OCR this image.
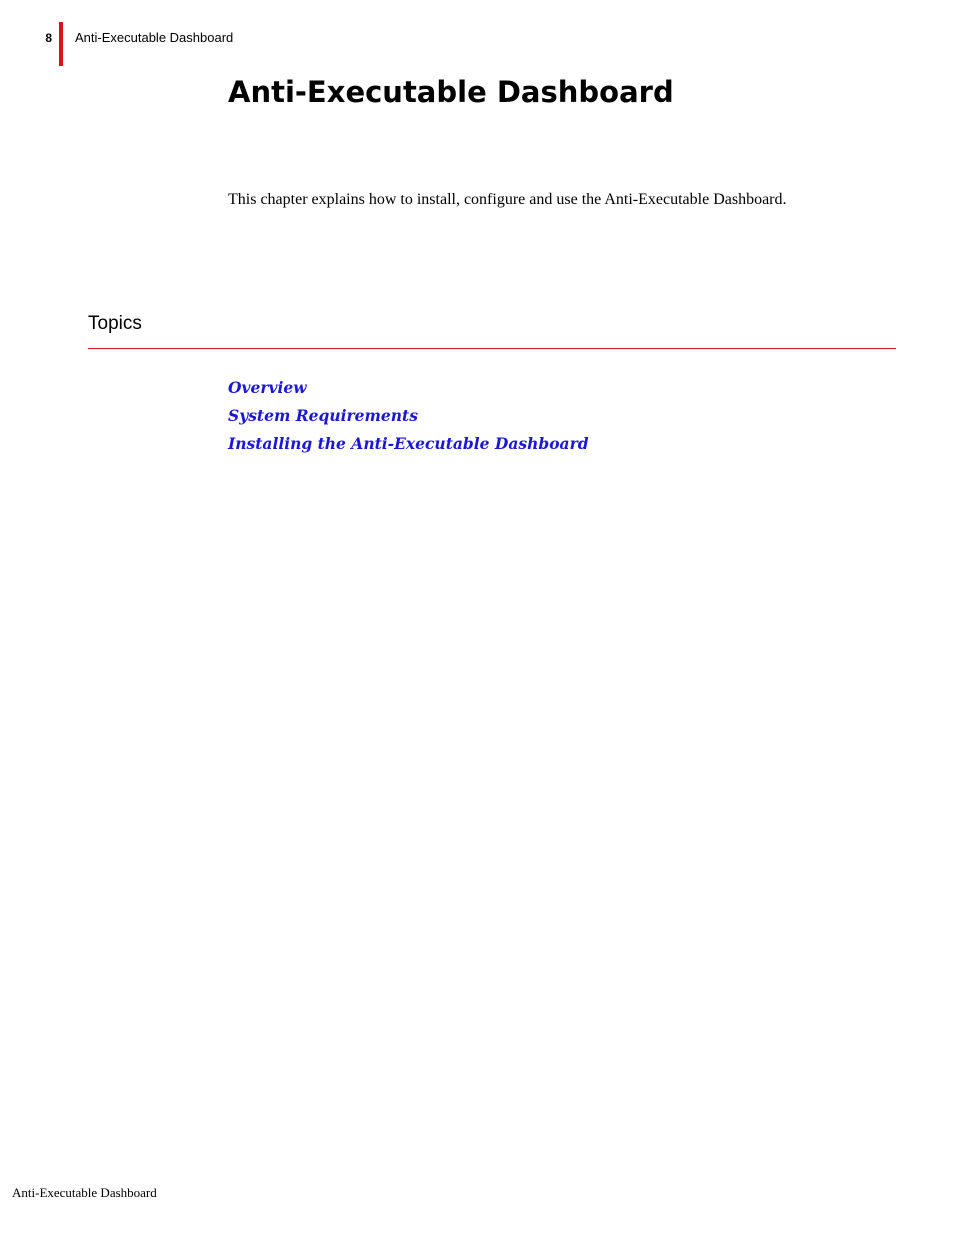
8 Anti-Executable Dashboard
Anti-Executable Dashboard

This chapter explains how to install, configure and use the Anti-Executable Dashboard.

Topics
Overview
System Requirements
Installing the Anti-Executable Dashboard
Anti-Executable Dashboard
